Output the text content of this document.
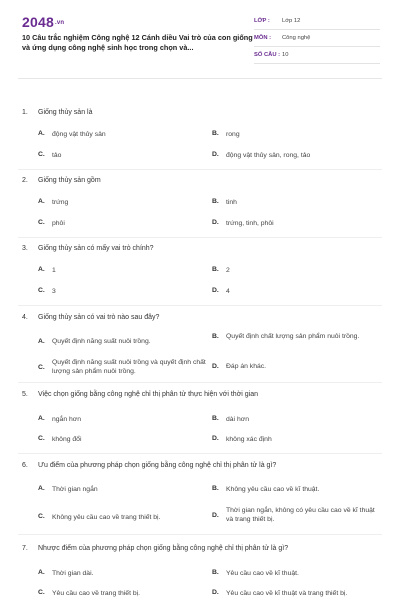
2048.vn
10 Câu trắc nghiệm Công nghệ 12 Cánh diều Vai trò của con giống và ứng dụng công nghệ sinh học trong chọn và...
LỚP :	Lớp 12
MÔN :	Công nghệ
SỐ CÂU : 10
1. Giống thủy sản là
A.	động vật thủy sản	B.	rong
C.	tảo	D.	động vật thủy sản, rong, tảo
2. Giống thủy sản gồm
A.	trứng	B.	tinh
C.	phôi	D.	trứng, tinh, phôi
3. Giống thủy sản có mấy vai trò chính?
A.	1	B.	2
C.	3	D.	4
4. Giống thủy sản có vai trò nào sau đây?
A.	Quyết định năng suất nuôi trồng.
B.	Quyết định chất lượng sản phẩm nuôi trồng.
C.
Quyết định năng suất nuôi trồng và quyết định chất lượng sản phẩm nuôi trồng.
D.	Đáp án khác.
5. Việc chọn giống bằng công nghệ chỉ thị phân tử thực hiện với thời gian
A.	ngắn hơn	B.	dài hơn
C.	không đổi	D.	không xác định
6. Ưu điểm của phương pháp chọn giống bằng công nghệ chỉ thị phân tử là gì?
A.	Thời gian ngắn	B.	Không yêu cầu cao về kĩ thuật.
C.	Không yêu cầu cao về trang thiết bị.	D.
Thời gian ngắn, không có yêu cầu cao về kĩ thuật và trang thiết bị.
7. Nhược điểm của phương pháp chọn giống bằng công nghệ chỉ thị phân tử là gì?
A.	Thời gian dài.	B.	Yêu cầu cao về kĩ thuật.
C.	Yêu cầu cao về trang thiết bị.	D.	Yêu cầu cao về kĩ thuật và trang thiết bị.
